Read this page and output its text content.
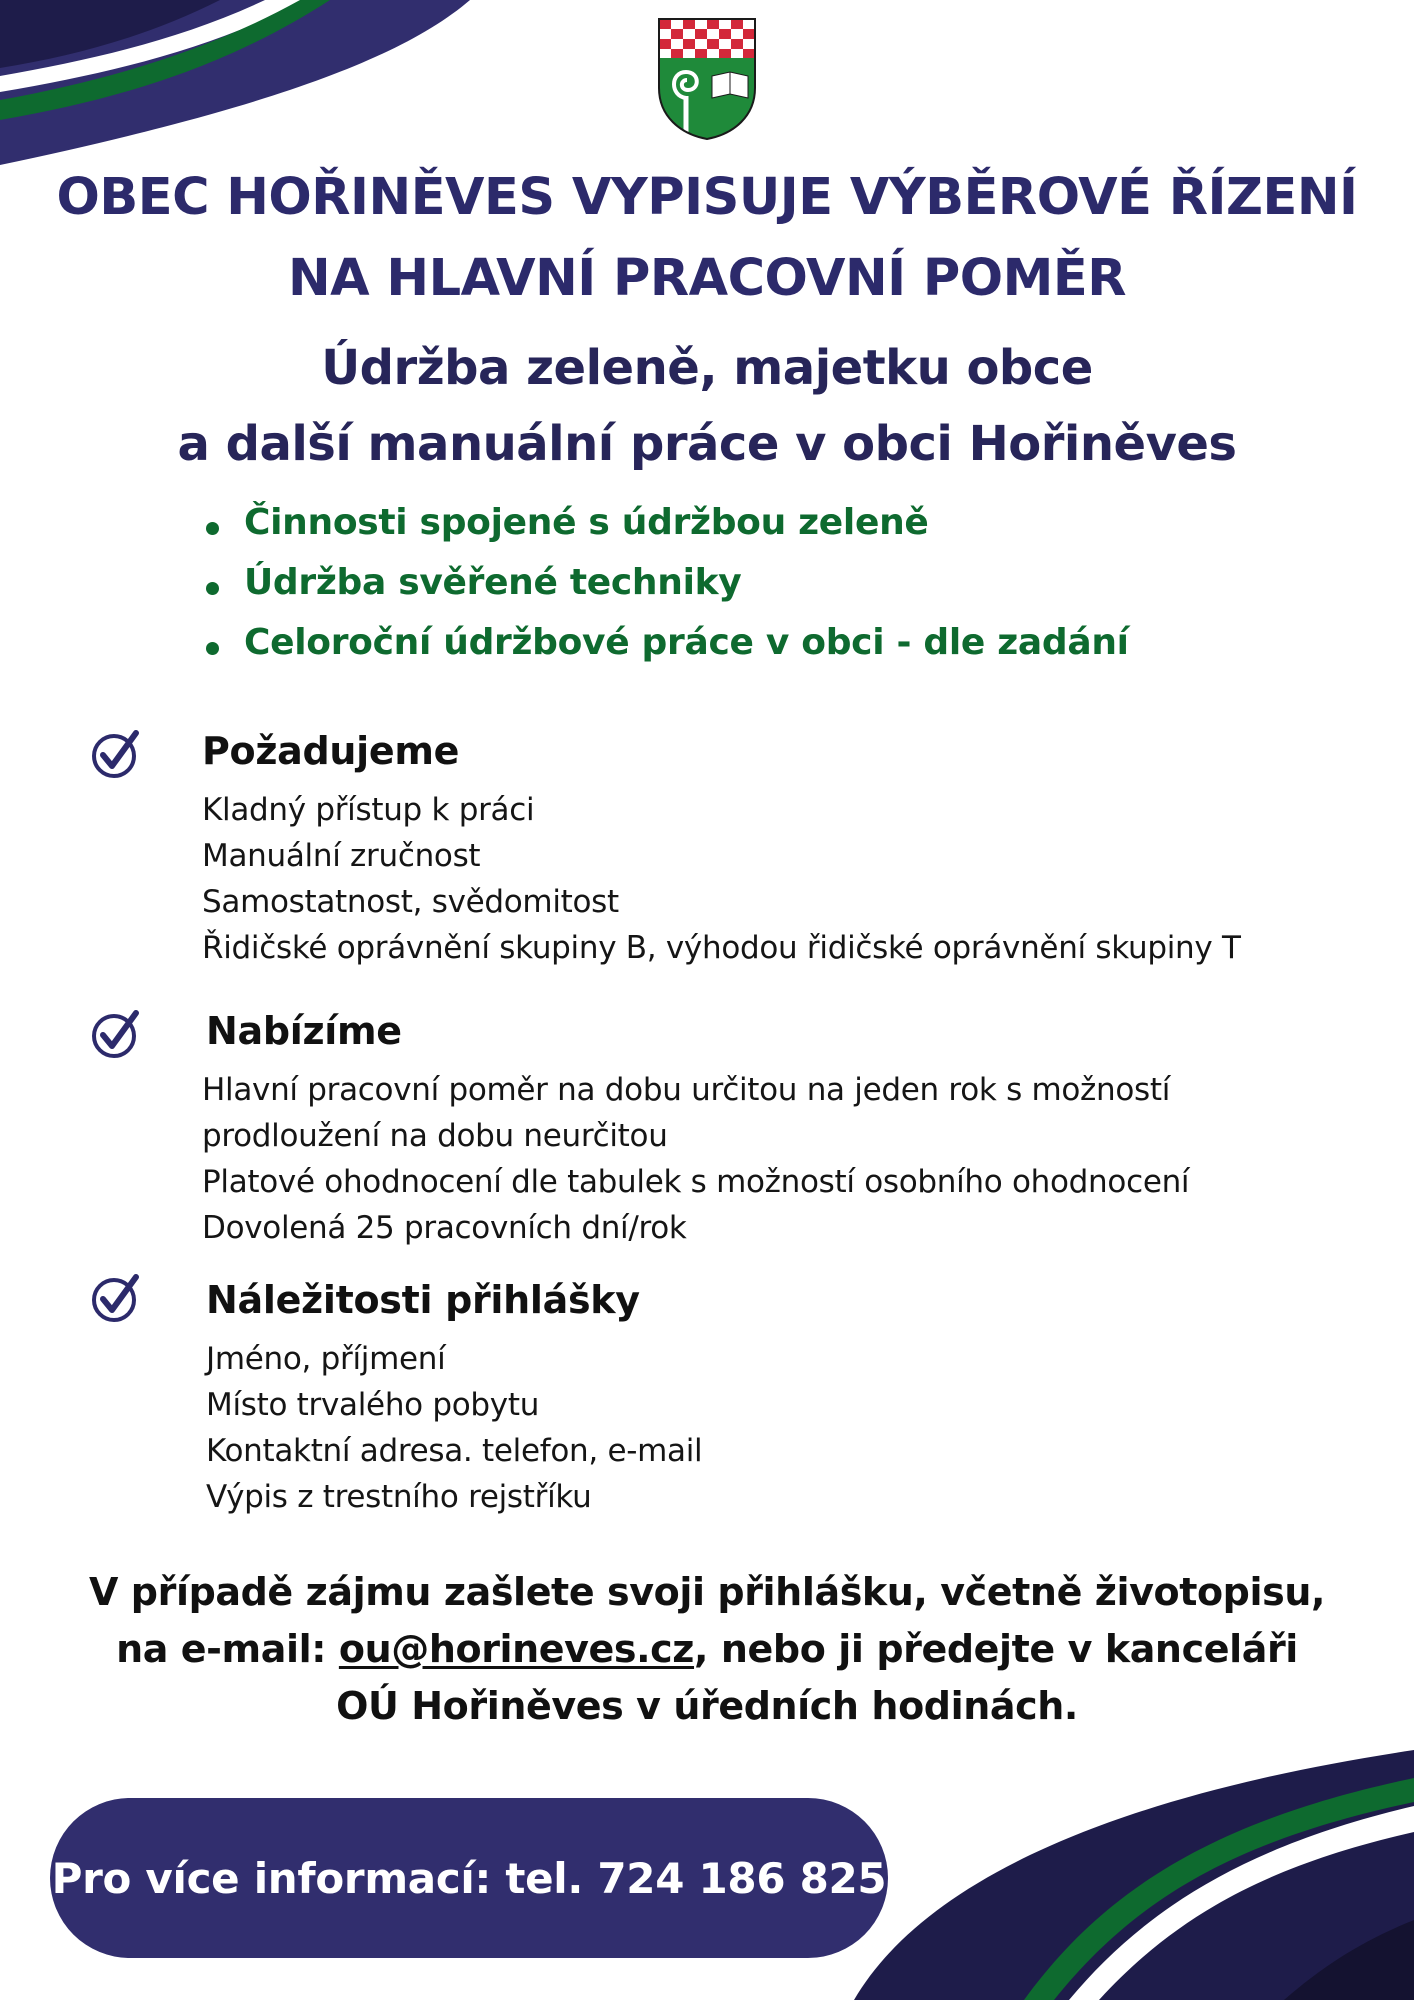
OBEC HOŘINĚVES VYPISUJE VÝBĚROVÉ ŘÍZENÍ
NA HLAVNÍ PRACOVNÍ POMĚR
Údržba zeleně, majetku obce
a další manuální práce v obci Hořiněves
Činnosti spojené s údržbou zeleně
Údržba svěřené techniky
Celoroční údržbové práce v obci - dle zadání
Požadujeme
Kladný přístup k práci
Manuální zručnost
Samostatnost, svědomitost
Řidičské oprávnění skupiny B, výhodou řidičské oprávnění skupiny T
Nabízíme
Hlavní pracovní poměr na dobu určitou na jeden rok s možností
prodloužení na dobu neurčitou
Platové ohodnocení dle tabulek s možností osobního ohodnocení
Dovolená 25 pracovních dní/rok
Náležitosti přihlášky
Jméno, příjmení
Místo trvalého pobytu
Kontaktní adresa. telefon, e-mail
Výpis z trestního rejstříku
V případě zájmu zašlete svoji přihlášku, včetně životopisu,
na e-mail: ou@horineves.cz, nebo ji předejte v kanceláři
OÚ Hořiněves v úředních hodinách.
Pro více informací: tel. 724 186 825
